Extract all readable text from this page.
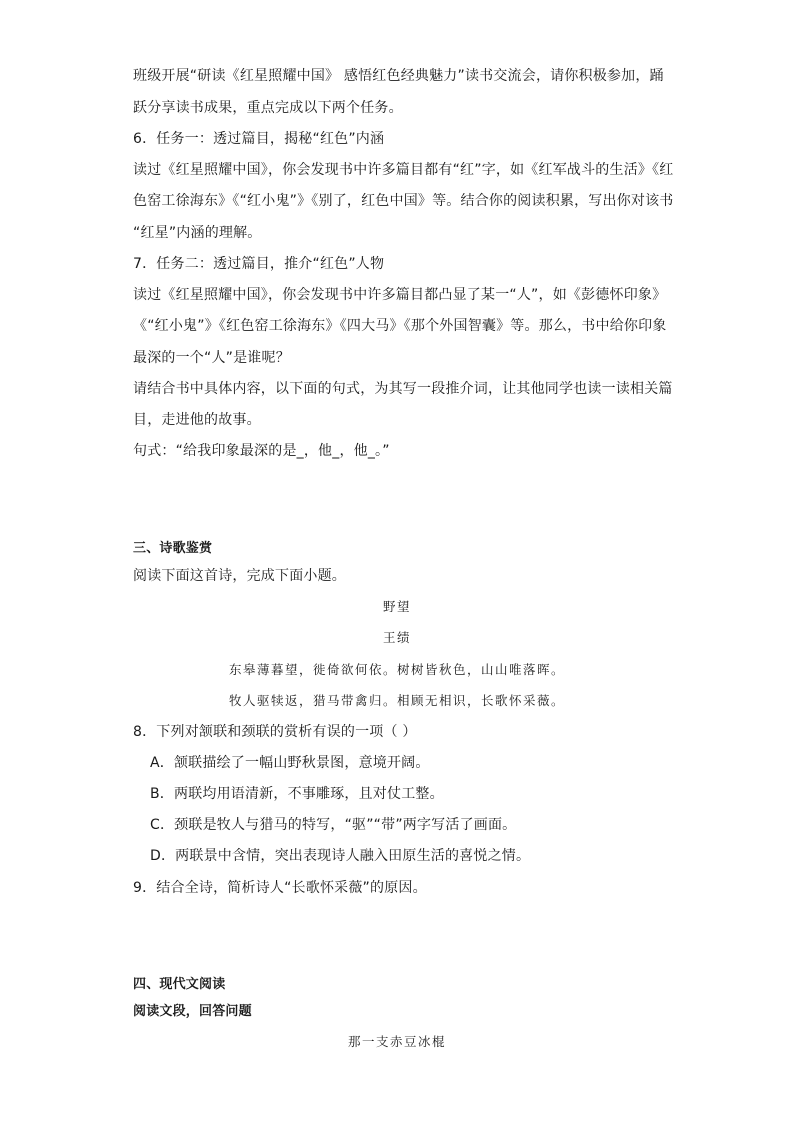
班级开展“研读《红星照耀中国》 感悟红色经典魅力”读书交流会，请你积极参加，踊
跃分享读书成果，重点完成以下两个任务。
6．任务一：透过篇目，揭秘“红色”内涵
读过《红星照耀中国》，你会发现书中许多篇目都有“红”字，如《红军战斗的生活》《红
色窑工徐海东》《“红小鬼”》《别了，红色中国》等。结合你的阅读积累，写出你对该书
“红星”内涵的理解。
7．任务二：透过篇目，推介“红色”人物
读过《红星照耀中国》，你会发现书中许多篇目都凸显了某一“人”，如《彭德怀印象》
《“红小鬼”》《红色窑工徐海东》《四大马》《那个外国智囊》等。那么，书中给你印象
最深的一个“人”是谁呢？
请结合书中具体内容，以下面的句式，为其写一段推介词，让其他同学也读一读相关篇
目，走进他的故事。
句式：“给我印象最深的是_，他_，他_。”
三、诗歌鉴赏
阅读下面这首诗，完成下面小题。
野望
王绩
东皋薄暮望，徙倚欲何依。树树皆秋色，山山唯落晖。
牧人驱犊返，猎马带禽归。相顾无相识，长歌怀采薇。
8．下列对颔联和颈联的赏析有误的一项（ ）
A．颔联描绘了一幅山野秋景图，意境开阔。
B．两联均用语清新，不事雕琢，且对仗工整。
C．颈联是牧人与猎马的特写，“驱”“带”两字写活了画面。
D．两联景中含情，突出表现诗人融入田原生活的喜悦之情。
9．结合全诗，简析诗人“长歌怀采薇”的原因。
四、现代文阅读
阅读文段，回答问题
那一支赤豆冰棍
